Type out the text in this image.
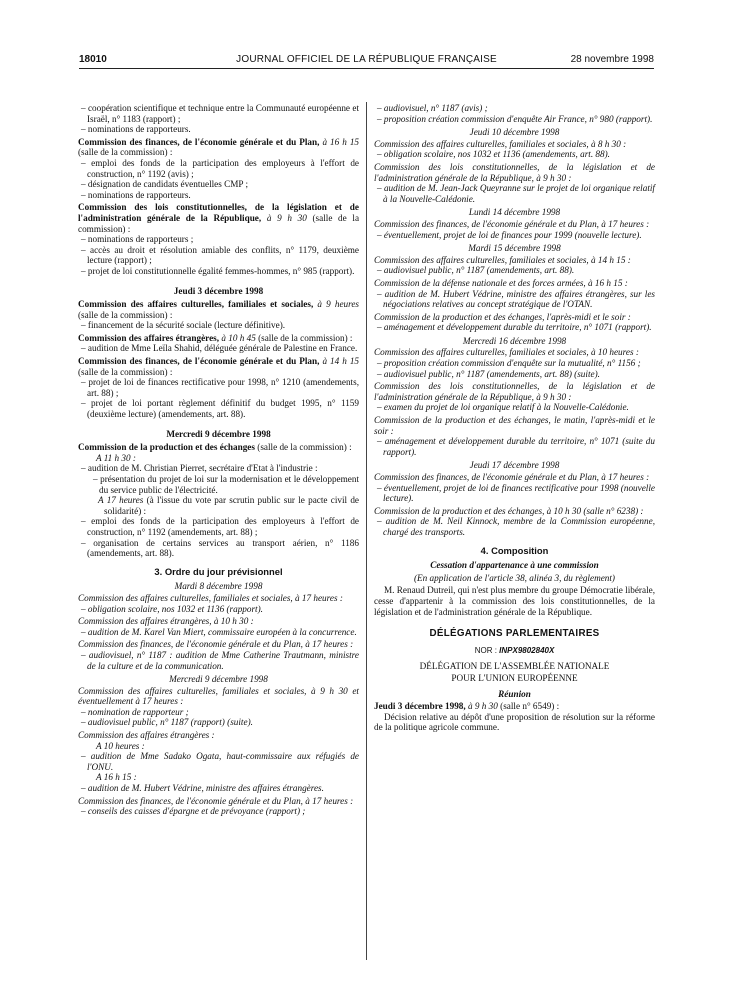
18010	JOURNAL OFFICIEL DE LA RÉPUBLIQUE FRANÇAISE	28 novembre 1998

– coopération scientifique et technique entre la Communauté européenne et Israël, n° 1183 (rapport) ;

– nominations de rapporteurs.

Commission des finances, de l'économie générale et du Plan, à 16 h 15 (salle de la commission) :

– emploi des fonds de la participation des employeurs à l'effort de construction, n° 1192 (avis) ;

– désignation de candidats éventuelles CMP ;

– nominations de rapporteurs.

Commission des lois constitutionnelles, de la législation et de l'administration générale de la République, à 9 h 30 (salle de la commission) :

– nominations de rapporteurs ;

– accès au droit et résolution amiable des conflits, n° 1179, deuxième lecture (rapport) ;

– projet de loi constitutionnelle égalité femmes-hommes, n° 985 (rapport).

Jeudi 3 décembre 1998

Commission des affaires culturelles, familiales et sociales, à 9 heures (salle de la commission) :

– financement de la sécurité sociale (lecture définitive).

Commission des affaires étrangères, à 10 h 45 (salle de la commission) :

– audition de Mme Leïla Shahid, déléguée générale de Palestine en France.

Commission des finances, de l'économie générale et du Plan, à 14 h 15 (salle de la commission) :

– projet de loi de finances rectificative pour 1998, n° 1210 (amendements, art. 88) ;

– projet de loi portant règlement définitif du budget 1995, n° 1159 (deuxième lecture) (amendements, art. 88).

Mercredi 9 décembre 1998

Commission de la production et des échanges (salle de la commission) :

A 11 h 30 :

– audition de M. Christian Pierret, secrétaire d'Etat à l'industrie :

– présentation du projet de loi sur la modernisation et le développement du service public de l'électricité.

A 17 heures (à l'issue du vote par scrutin public sur le pacte civil de solidarité) :

– emploi des fonds de la participation des employeurs à l'effort de construction, n° 1192 (amendements, art. 88) ;

– organisation de certains services au transport aérien, n° 1186 (amendements, art. 88).

3. Ordre du jour prévisionnel

Mardi 8 décembre 1998

Commission des affaires culturelles, familiales et sociales, à 17 heures :

– obligation scolaire, nos 1032 et 1136 (rapport).

Commission des affaires étrangères, à 10 h 30 :

– audition de M. Karel Van Miert, commissaire européen à la concurrence.

Commission des finances, de l'économie générale et du Plan, à 17 heures :

– audiovisuel, n° 1187 : audition de Mme Catherine Trautmann, ministre de la culture et de la communication.

Mercredi 9 décembre 1998

Commission des affaires culturelles, familiales et sociales, à 9 h 30 et éventuellement à 17 heures :

– nomination de rapporteur ;

– audiovisuel public, n° 1187 (rapport) (suite).

Commission des affaires étrangères :

A 10 heures :

– audition de Mme Sadako Ogata, haut-commissaire aux réfugiés de l'ONU.

A 16 h 15 :

– audition de M. Hubert Védrine, ministre des affaires étrangères.

Commission des finances, de l'économie générale et du Plan, à 17 heures :

– conseils des caisses d'épargne et de prévoyance (rapport) ;

– audiovisuel, n° 1187 (avis) ;

– proposition création commission d'enquête Air France, n° 980 (rapport).

Jeudi 10 décembre 1998

Commission des affaires culturelles, familiales et sociales, à 8 h 30 :

– obligation scolaire, nos 1032 et 1136 (amendements, art. 88).

Commission des lois constitutionnelles, de la législation et de l'administration générale de la République, à 9 h 30 :

– audition de M. Jean-Jack Queyranne sur le projet de loi organique relatif à la Nouvelle-Calédonie.

Lundi 14 décembre 1998

Commission des finances, de l'économie générale et du Plan, à 17 heures :

– éventuellement, projet de loi de finances pour 1999 (nouvelle lecture).

Mardi 15 décembre 1998

Commission des affaires culturelles, familiales et sociales, à 14 h 15 :

– audiovisuel public, n° 1187 (amendements, art. 88).

Commission de la défense nationale et des forces armées, à 16 h 15 :

– audition de M. Hubert Védrine, ministre des affaires étrangères, sur les négociations relatives au concept stratégique de l'OTAN.

Commission de la production et des échanges, l'après-midi et le soir :

– aménagement et développement durable du territoire, n° 1071 (rapport).

Mercredi 16 décembre 1998

Commission des affaires culturelles, familiales et sociales, à 10 heures :

– proposition création commission d'enquête sur la mutualité, n° 1156 ;

– audiovisuel public, n° 1187 (amendements, art. 88) (suite).

Commission des lois constitutionnelles, de la législation et de l'administration générale de la République, à 9 h 30 :

– examen du projet de loi organique relatif à la Nouvelle-Calédonie.

Commission de la production et des échanges, le matin, l'après-midi et le soir :

– aménagement et développement durable du territoire, n° 1071 (suite du rapport).

Jeudi 17 décembre 1998

Commission des finances, de l'économie générale et du Plan, à 17 heures :

– éventuellement, projet de loi de finances rectificative pour 1998 (nouvelle lecture).

Commission de la production et des échanges, à 10 h 30 (salle n° 6238) :

– audition de M. Neil Kinnock, membre de la Commission européenne, chargé des transports.

4. Composition

Cessation d'appartenance à une commission

(En application de l'article 38, alinéa 3, du règlement)

M. Renaud Dutreil, qui n'est plus membre du groupe Démocratie libérale, cesse d'appartenir à la commission des lois constitutionnelles, de la législation et de l'administration générale de la République.

DÉLÉGATIONS PARLEMENTAIRES

NOR : INPX9802840X

DÉLÉGATION DE L'ASSEMBLÉE NATIONALE

POUR L'UNION EUROPÉENNE

Réunion

Jeudi 3 décembre 1998, à 9 h 30 (salle n° 6549) :

Décision relative au dépôt d'une proposition de résolution sur la réforme de la politique agricole commune.
